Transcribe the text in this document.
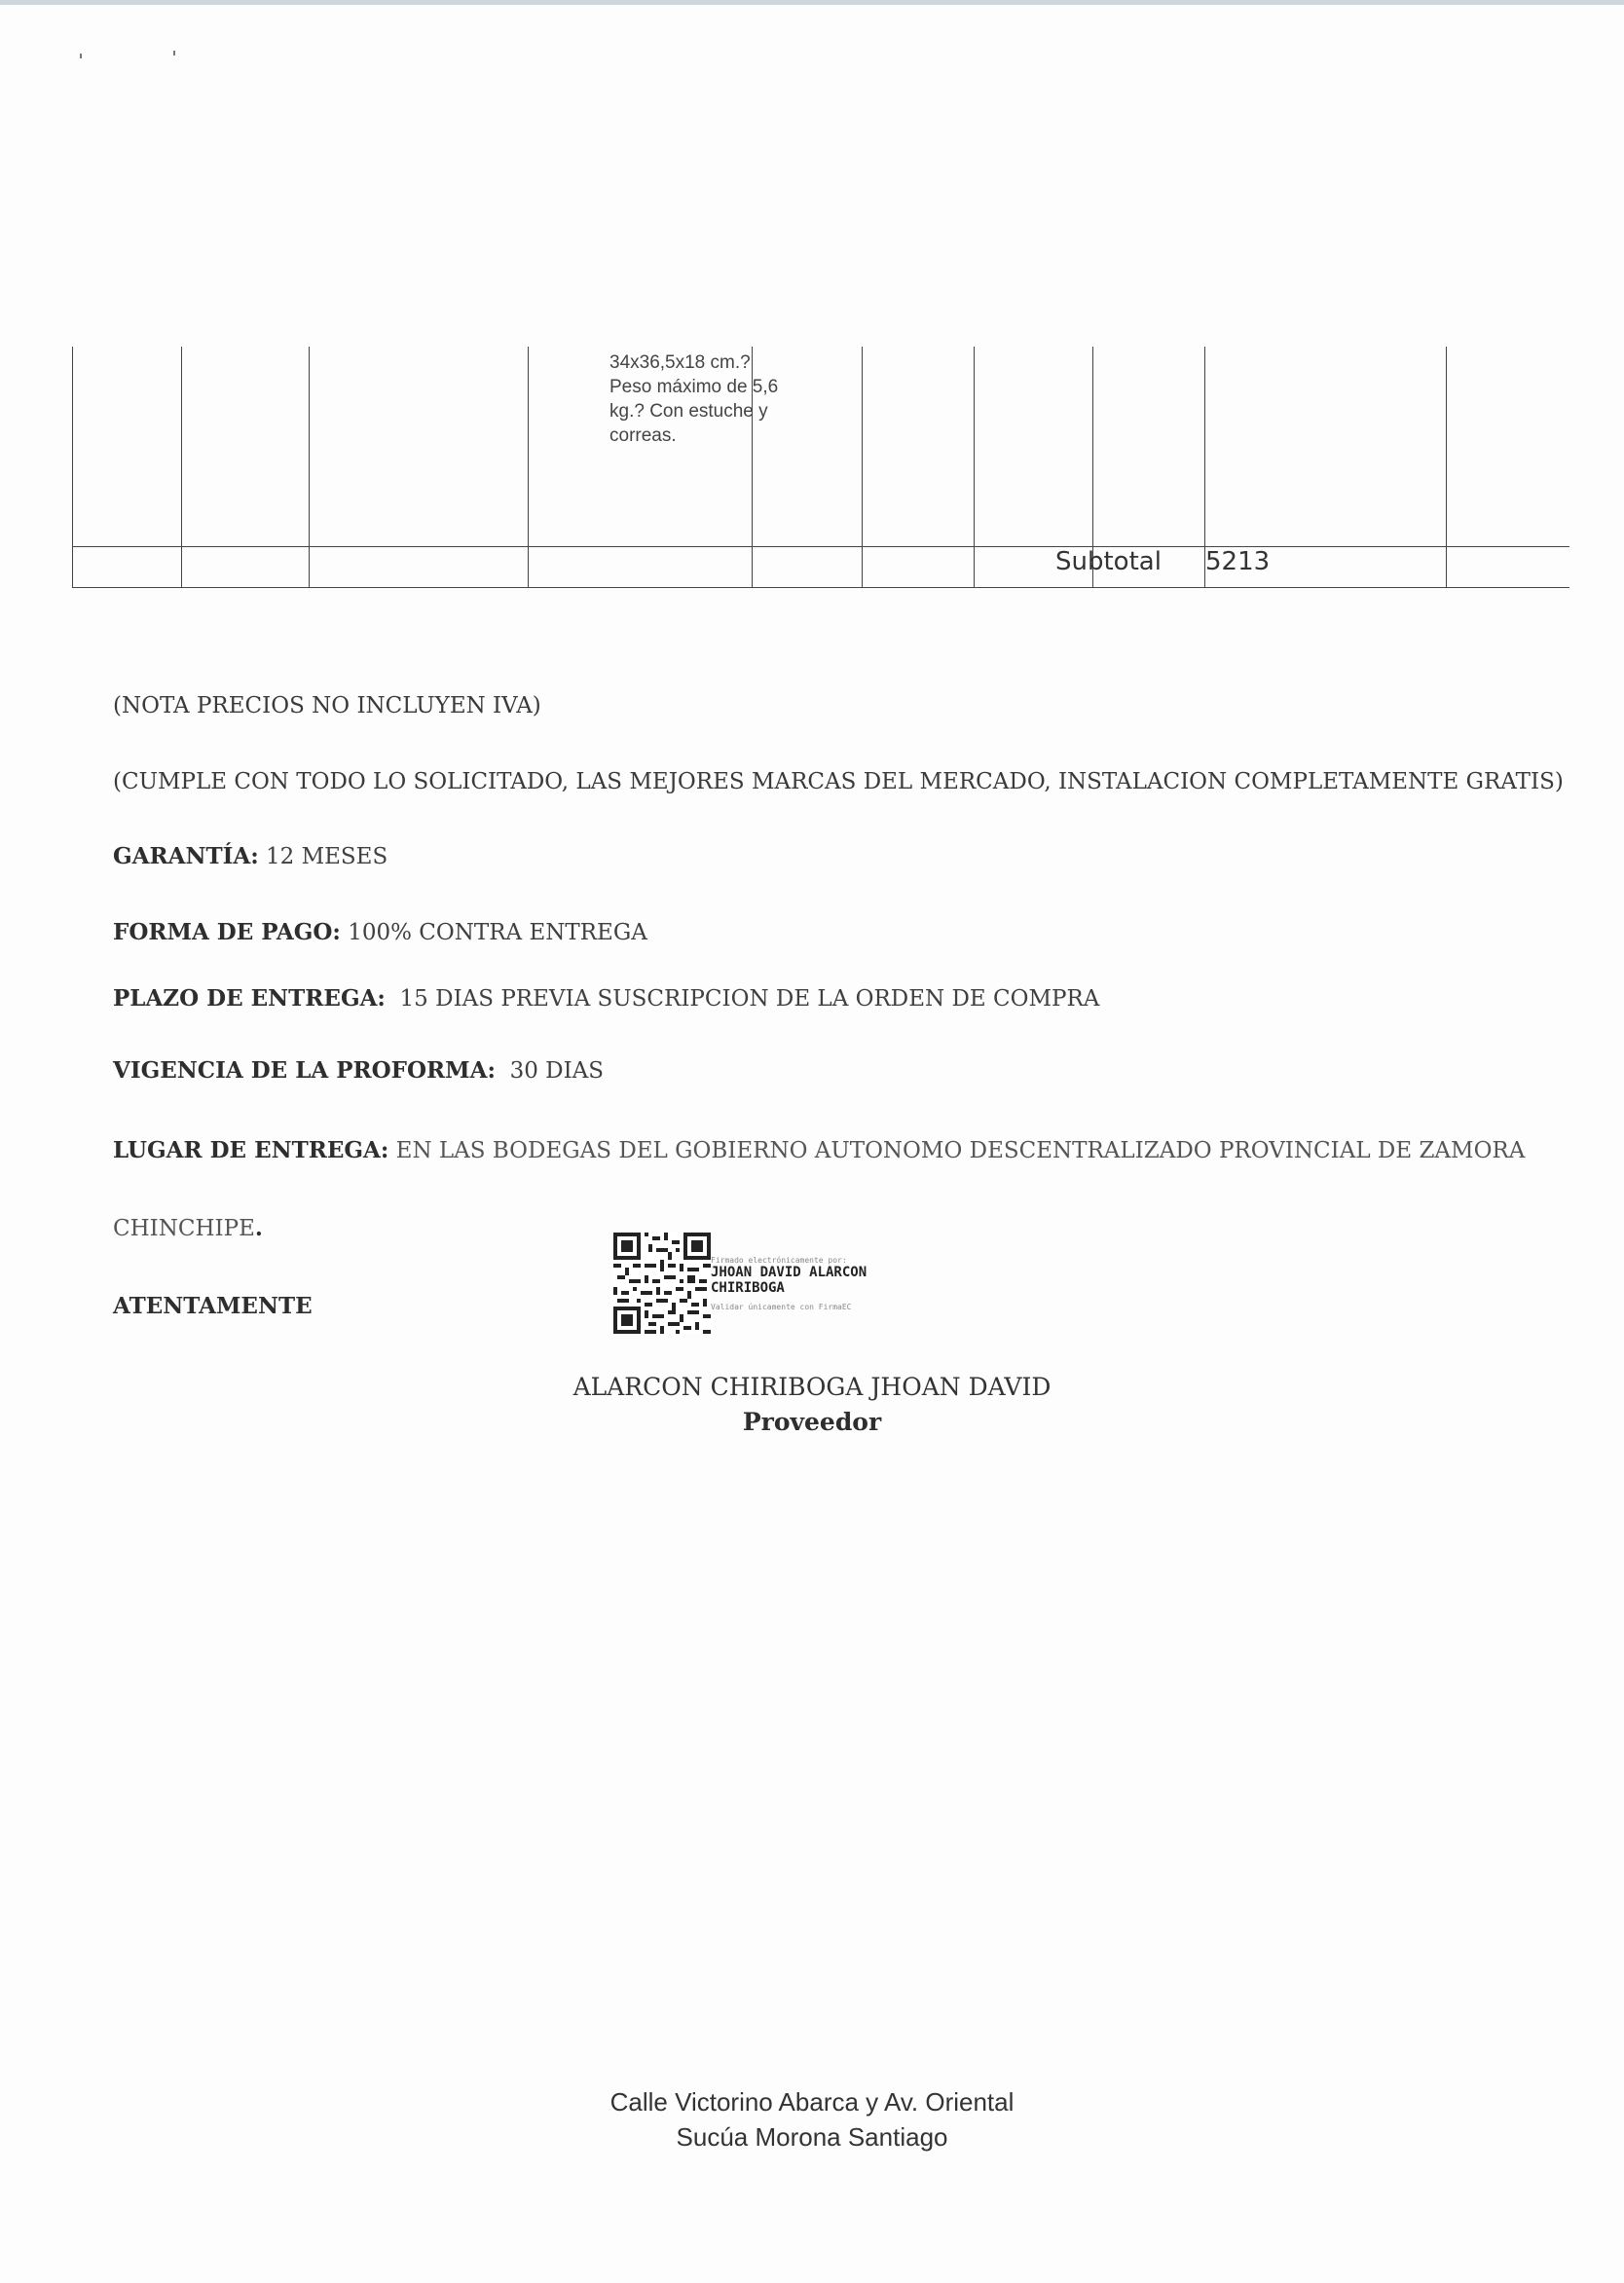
34x36,5x18 cm.?
Peso máximo de 5,6
kg.? Con estuche y
correas.
Subtotal 5213
(NOTA PRECIOS NO INCLUYEN IVA)
(CUMPLE CON TODO LO SOLICITADO, LAS MEJORES MARCAS DEL MERCADO, INSTALACION COMPLETAMENTE GRATIS)
GARANTÍA: 12 MESES
FORMA DE PAGO: 100% CONTRA ENTREGA
PLAZO DE ENTREGA: 15 DIAS PREVIA SUSCRIPCION DE LA ORDEN DE COMPRA
VIGENCIA DE LA PROFORMA: 30 DIAS
LUGAR DE ENTREGA: EN LAS BODEGAS DEL GOBIERNO AUTONOMO DESCENTRALIZADO PROVINCIAL DE ZAMORA
CHINCHIPE.
ATENTAMENTE
Firmado electrónicamente por:
JHOAN DAVID ALARCON
CHIRIBOGA
Validar únicamente con FirmaEC
ALARCON CHIRIBOGA JHOAN DAVID
Proveedor
Calle Victorino Abarca y Av. Oriental
Sucúa Morona Santiago
